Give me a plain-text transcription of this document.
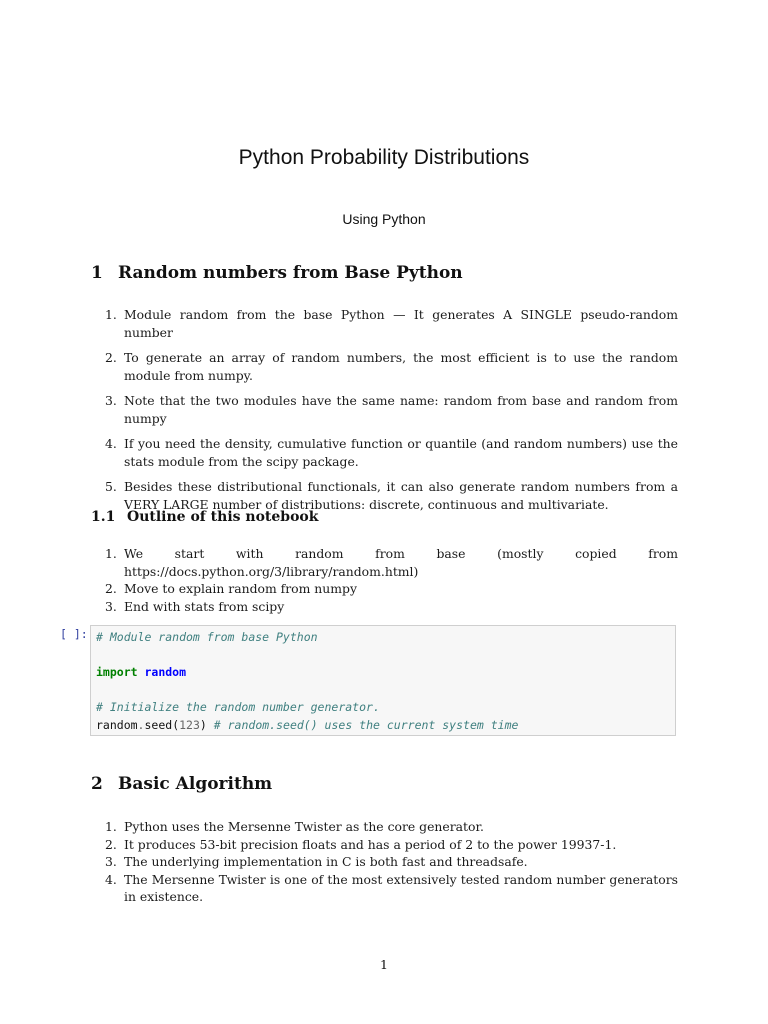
Python Probability Distributions
Using Python
1 Random numbers from Base Python
1. Module random from the base Python — It generates A SINGLE pseudo-random number
2. To generate an array of random numbers, the most efficient is to use the random module from numpy.
3. Note that the two modules have the same name: random from base and random from numpy
4. If you need the density, cumulative function or quantile (and random numbers) use the stats module from the scipy package.
5. Besides these distributional functionals, it can also generate random numbers from a VERY LARGE number of distributions: discrete, continuous and multivariate.
1.1 Outline of this notebook
1. We start with random from base (mostly copied from https://docs.python.org/3/library/random.html)
2. Move to explain random from numpy
3. End with stats from scipy
[ ]: # Module random from base Python
import random
# Initialize the random number generator.
random.seed(123) # random.seed() uses the current system time
2 Basic Algorithm
1. Python uses the Mersenne Twister as the core generator.
2. It produces 53-bit precision floats and has a period of 2 to the power 19937-1.
3. The underlying implementation in C is both fast and threadsafe.
4. The Mersenne Twister is one of the most extensively tested random number generators in existence.
1
